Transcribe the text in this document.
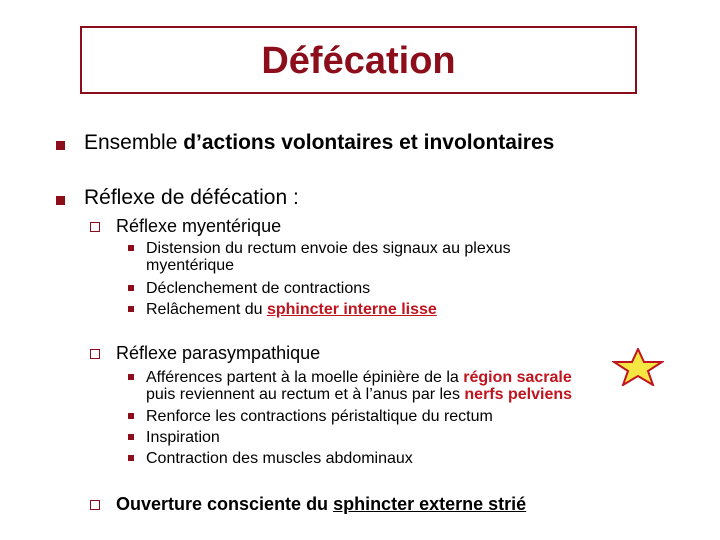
Défécation
Ensemble d’actions volontaires et involontaires
Réflexe de défécation :
Réflexe myentérique
Distension du rectum envoie des signaux au plexus
myentérique
Déclenchement de contractions
Relâchement du sphincter interne lisse
Réflexe parasympathique
Afférences partent à la moelle épinière de la région sacrale
puis reviennent au rectum et à l’anus par les nerfs pelviens
Renforce les contractions péristaltique du rectum
Inspiration
Contraction des muscles abdominaux
Ouverture consciente du sphincter externe strié
